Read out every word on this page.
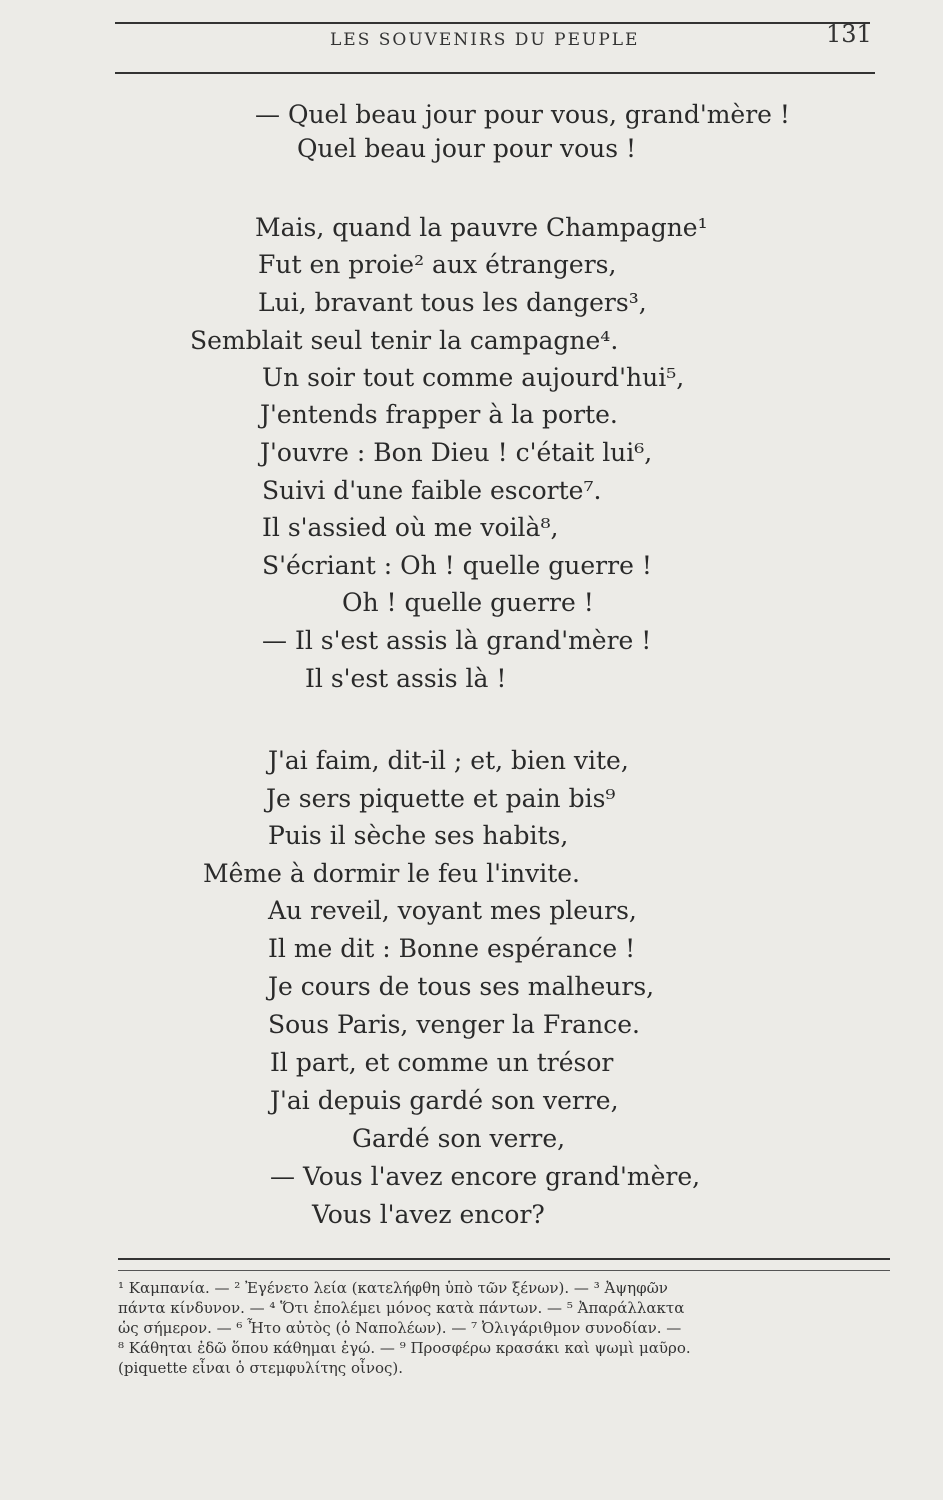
LES SOUVENIRS DU PEUPLE	131
— Quel beau jour pour vous, grand'mère !
Quel beau jour pour vous !
Mais, quand la pauvre Champagne¹
Fut en proie² aux étrangers,
Lui, bravant tous les dangers³,
Semblait seul tenir la campagne⁴.
Un soir tout comme aujourd'hui⁵,
J'entends frapper à la porte.
J'ouvre : Bon Dieu ! c'était lui⁶,
Suivi d'une faible escorte⁷.
Il s'assied où me voilà⁸,
S'écriant : Oh ! quelle guerre !
Oh ! quelle guerre !
— Il s'est assis là grand'mère !
Il s'est assis là !
J'ai faim, dit-il ; et, bien vite,
Je sers piquette et pain bis⁹
Puis il sèche ses habits,
Même à dormir le feu l'invite.
Au reveil, voyant mes pleurs,
Il me dit : Bonne espérance !
Je cours de tous ses malheurs,
Sous Paris, venger la France.
Il part, et comme un trésor
J'ai depuis gardé son verre,
Gardé son verre,
— Vous l'avez encore grand'mère,
Vous l'avez encor?
¹ Καμπανία. — ² Ἐγένετο λεία (κατελήφθη ὑπὸ τῶν ξένων). — ³ Ἀψηφῶν
πάντα κίνδυνον. — ⁴ Ὅτι ἐπολέμει μόνος κατὰ πάντων. — ⁵ Ἀπαράλλακτα
ὡς σήμερον. — ⁶ Ἦτο αὐτὸς (ὁ Ναπολέων). — ⁷ Ὀλιγάριθμον συνοδίαν. —
⁸ Κάθηται ἐδῶ ὅπου κάθημαι ἐγώ. — ⁹ Προσφέρω κρασάκι καὶ ψωμὶ μαῦρο.
(piquette εἶναι ὁ στεμφυλίτης οἶνος).
